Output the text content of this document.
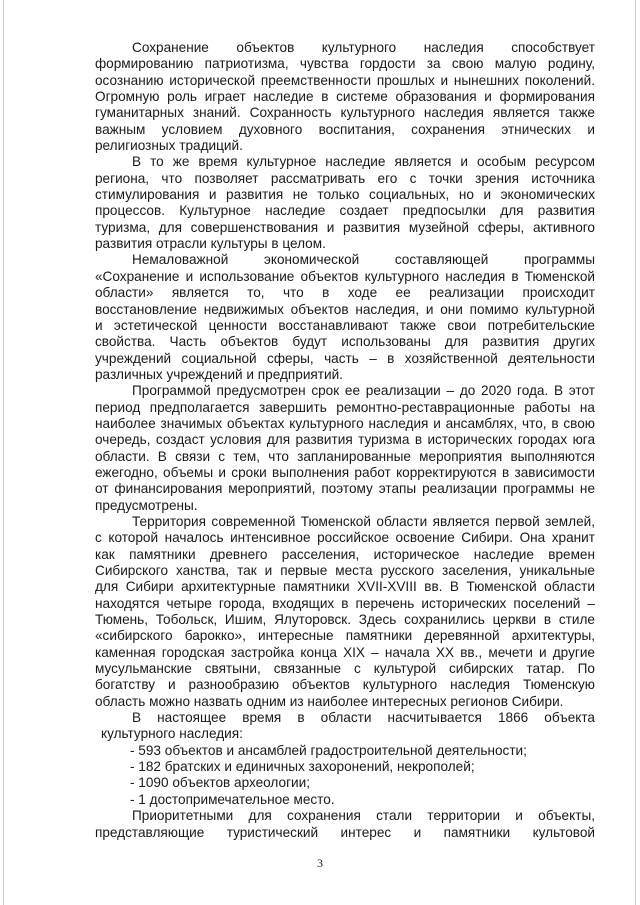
Сохранение объектов культурного наследия способствует
формированию патриотизма, чувства гордости за свою малую родину,
осознанию исторической преемственности прошлых и нынешних поколений.
Огромную роль играет наследие в системе образования и формирования
гуманитарных знаний. Сохранность культурного наследия является также
важным условием духовного воспитания, сохранения этнических и
религиозных традиций.
В то же время культурное наследие является и особым ресурсом
региона, что позволяет рассматривать его с точки зрения источника
стимулирования и развития не только социальных, но и экономических
процессов. Культурное наследие создает предпосылки для развития
туризма, для совершенствования и развития музейной сферы, активного
развития отрасли культуры в целом.
Немаловажной экономической составляющей программы
«Сохранение и использование объектов культурного наследия в Тюменской
области» является то, что в ходе ее реализации происходит
восстановление недвижимых объектов наследия, и они помимо культурной
и эстетической ценности восстанавливают также свои потребительские
свойства. Часть объектов будут использованы для развития других
учреждений социальной сферы, часть – в хозяйственной деятельности
различных учреждений и предприятий.
Программой предусмотрен срок ее реализации – до 2020 года. В этот
период предполагается завершить ремонтно-реставрационные работы на
наиболее значимых объектах культурного наследия и ансамблях, что, в свою
очередь, создаст условия для развития туризма в исторических городах юга
области. В связи с тем, что запланированные мероприятия выполняются
ежегодно, объемы и сроки выполнения работ корректируются в зависимости
от финансирования мероприятий, поэтому этапы реализации программы не
предусмотрены.
Территория современной Тюменской области является первой землей,
с которой началось интенсивное российское освоение Сибири. Она хранит
как памятники древнего расселения, историческое наследие времен
Сибирского ханства, так и первые места русского заселения, уникальные
для Сибири архитектурные памятники XVII-XVIII вв. В Тюменской области
находятся четыре города, входящих в перечень исторических поселений –
Тюмень, Тобольск, Ишим, Ялуторовск. Здесь сохранились церкви в стиле
«сибирского барокко», интересные памятники деревянной архитектуры,
каменная городская застройка конца XIX – начала XX вв., мечети и другие
мусульманские святыни, связанные с культурой сибирских татар. По
богатству и разнообразию объектов культурного наследия Тюменскую
область можно назвать одним из наиболее интересных регионов Сибири.
В настоящее время в области насчитывается 1866 объекта
культурного наследия:
- 593 объектов и ансамблей градостроительной деятельности;
- 182 братских и единичных захоронений, некрополей;
- 1090 объектов археологии;
- 1 достопримечательное место.
Приоритетными для сохранения стали территории и объекты,
представляющие туристический интерес и памятники культовой
3
